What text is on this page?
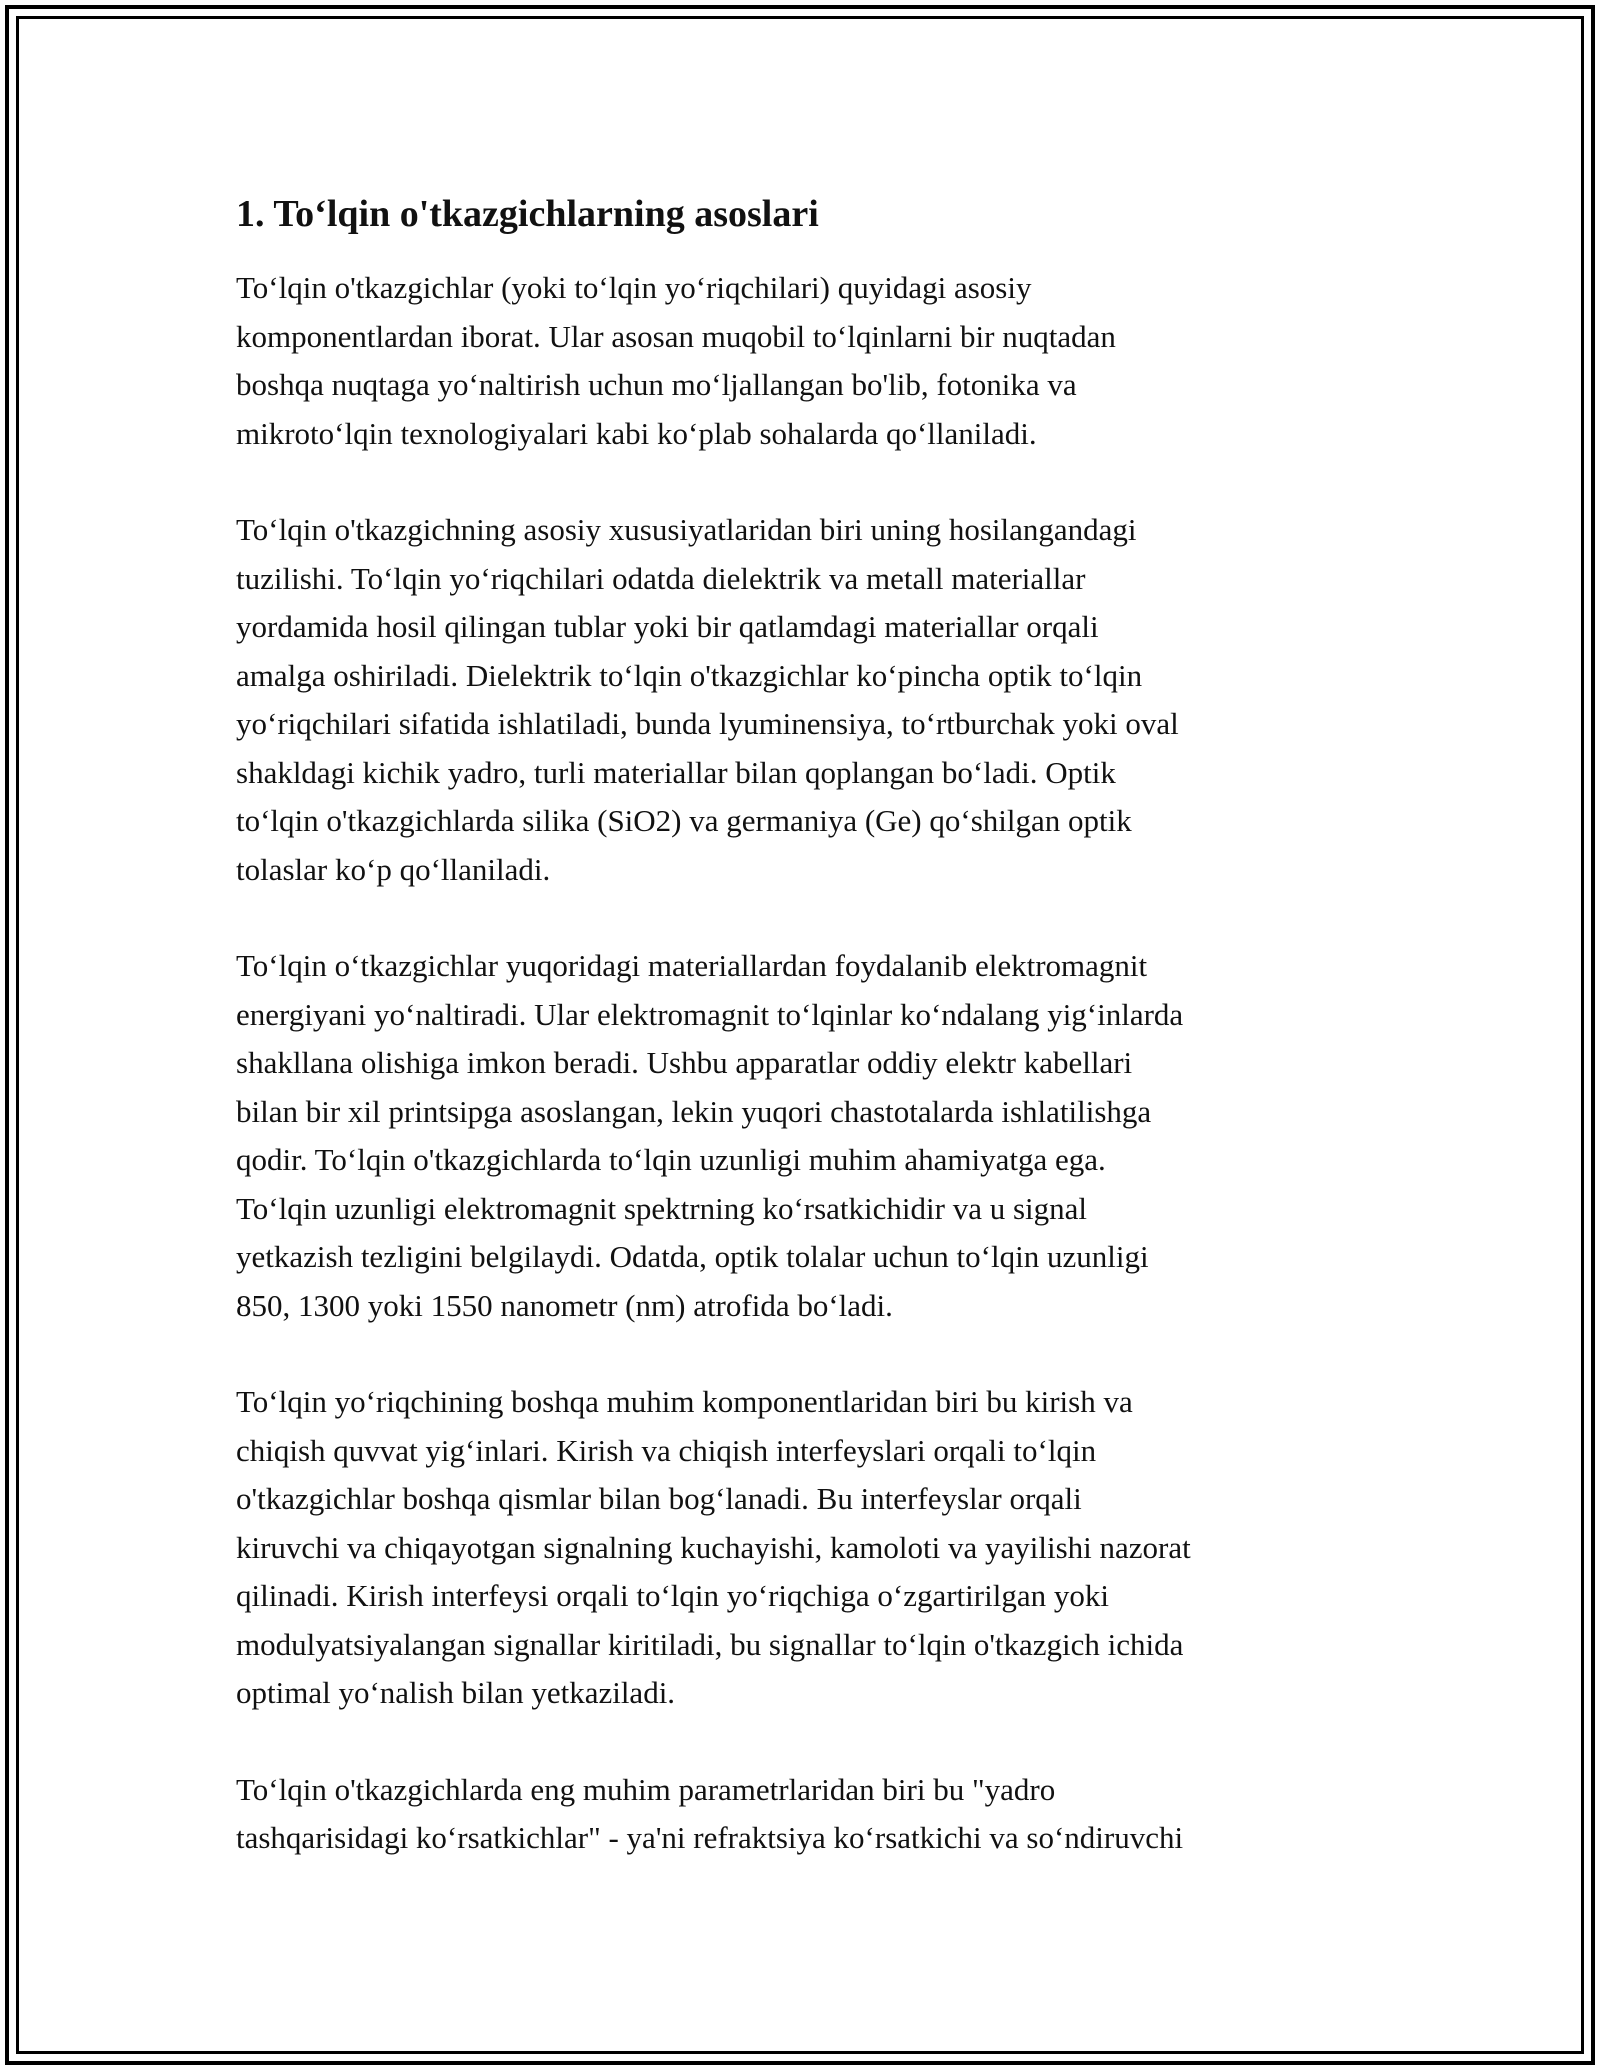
1. To‘lqin o'tkazgichlarning asoslari

To‘lqin o'tkazgichlar (yoki to‘lqin yo‘riqchilari) quyidagi asosiy
komponentlardan iborat. Ular asosan muqobil to‘lqinlarni bir nuqtadan
boshqa nuqtaga yo‘naltirish uchun mo‘ljallangan bo'lib, fotonika va
mikroto‘lqin texnologiyalari kabi ko‘plab sohalarda qo‘llaniladi.

To‘lqin o'tkazgichning asosiy xususiyatlaridan biri uning hosilangandagi
tuzilishi. To‘lqin yo‘riqchilari odatda dielektrik va metall materiallar
yordamida hosil qilingan tublar yoki bir qatlamdagi materiallar orqali
amalga oshiriladi. Dielektrik to‘lqin o'tkazgichlar ko‘pincha optik to‘lqin
yo‘riqchilari sifatida ishlatiladi, bunda lyuminensiya, to‘rtburchak yoki oval
shakldagi kichik yadro, turli materiallar bilan qoplangan bo‘ladi. Optik
to‘lqin o'tkazgichlarda silika (SiO2) va germaniya (Ge) qo‘shilgan optik
tolaslar ko‘p qo‘llaniladi.

To‘lqin o‘tkazgichlar yuqoridagi materiallardan foydalanib elektromagnit
energiyani yo‘naltiradi. Ular elektromagnit to‘lqinlar ko‘ndalang yig‘inlarda
shakllana olishiga imkon beradi. Ushbu apparatlar oddiy elektr kabellari
bilan bir xil printsipga asoslangan, lekin yuqori chastotalarda ishlatilishga
qodir. To‘lqin o'tkazgichlarda to‘lqin uzunligi muhim ahamiyatga ega.
To‘lqin uzunligi elektromagnit spektrning ko‘rsatkichidir va u signal
yetkazish tezligini belgilaydi. Odatda, optik tolalar uchun to‘lqin uzunligi
850, 1300 yoki 1550 nanometr (nm) atrofida bo‘ladi.

To‘lqin yo‘riqchining boshqa muhim komponentlaridan biri bu kirish va
chiqish quvvat yig‘inlari. Kirish va chiqish interfeyslari orqali to‘lqin
o'tkazgichlar boshqa qismlar bilan bog‘lanadi. Bu interfeyslar orqali
kiruvchi va chiqayotgan signalning kuchayishi, kamoloti va yayilishi nazorat
qilinadi. Kirish interfeysi orqali to‘lqin yo‘riqchiga o‘zgartirilgan yoki
modulyatsiyalangan signallar kiritiladi, bu signallar to‘lqin o'tkazgich ichida
optimal yo‘nalish bilan yetkaziladi.

To‘lqin o'tkazgichlarda eng muhim parametrlaridan biri bu "yadro
tashqarisidagi ko‘rsatkichlar" - ya'ni refraktsiya ko‘rsatkichi va so‘ndiruvchi
